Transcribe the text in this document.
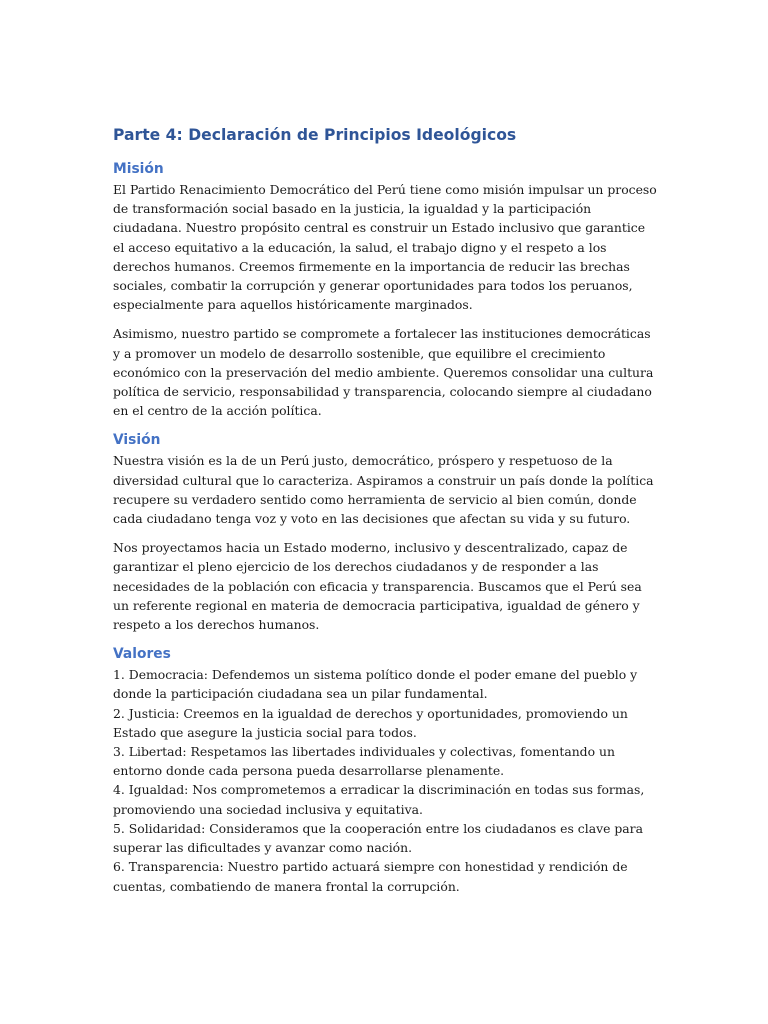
Parte 4: Declaración de Principios Ideológicos
Misión

El Partido Renacimiento Democrático del Perú tiene como misión impulsar un proceso de transformación social basado en la justicia, la igualdad y la participación ciudadana. Nuestro propósito central es construir un Estado inclusivo que garantice el acceso equitativo a la educación, la salud, el trabajo digno y el respeto a los derechos humanos. Creemos firmemente en la importancia de reducir las brechas sociales, combatir la corrupción y generar oportunidades para todos los peruanos, especialmente para aquellos históricamente marginados.

Asimismo, nuestro partido se compromete a fortalecer las instituciones democráticas y a promover un modelo de desarrollo sostenible, que equilibre el crecimiento económico con la preservación del medio ambiente. Queremos consolidar una cultura política de servicio, responsabilidad y transparencia, colocando siempre al ciudadano en el centro de la acción política.

Visión

Nuestra visión es la de un Perú justo, democrático, próspero y respetuoso de la diversidad cultural que lo caracteriza. Aspiramos a construir un país donde la política recupere su verdadero sentido como herramienta de servicio al bien común, donde cada ciudadano tenga voz y voto en las decisiones que afectan su vida y su futuro.

Nos proyectamos hacia un Estado moderno, inclusivo y descentralizado, capaz de garantizar el pleno ejercicio de los derechos ciudadanos y de responder a las necesidades de la población con eficacia y transparencia. Buscamos que el Perú sea un referente regional en materia de democracia participativa, igualdad de género y respeto a los derechos humanos.

Valores
1. Democracia: Defendemos un sistema político donde el poder emane del pueblo y donde la participación ciudadana sea un pilar fundamental.
2. Justicia: Creemos en la igualdad de derechos y oportunidades, promoviendo un Estado que asegure la justicia social para todos.
3. Libertad: Respetamos las libertades individuales y colectivas, fomentando un entorno donde cada persona pueda desarrollarse plenamente.
4. Igualdad: Nos comprometemos a erradicar la discriminación en todas sus formas, promoviendo una sociedad inclusiva y equitativa.
5. Solidaridad: Consideramos que la cooperación entre los ciudadanos es clave para superar las dificultades y avanzar como nación.
6. Transparencia: Nuestro partido actuará siempre con honestidad y rendición de cuentas, combatiendo de manera frontal la corrupción.
